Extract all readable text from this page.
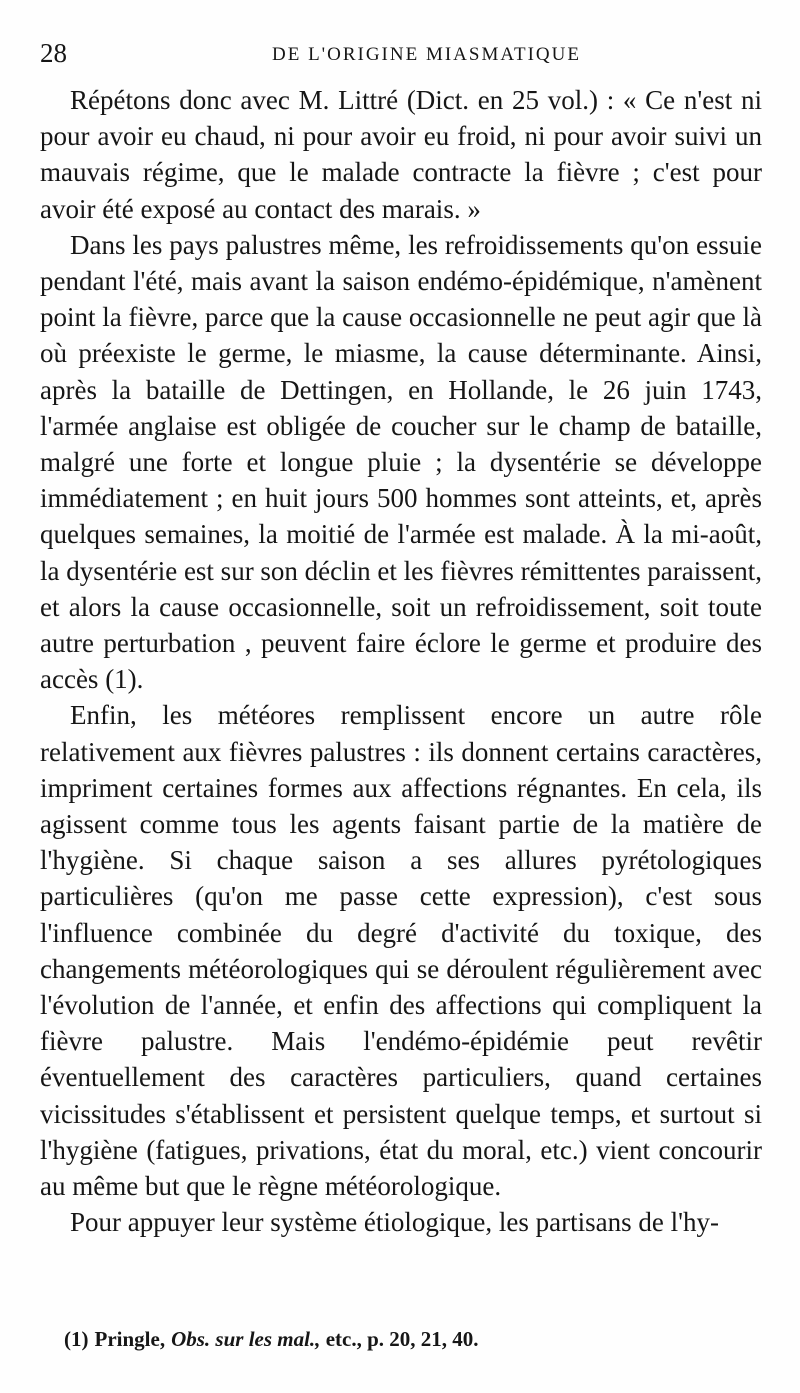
28	DE L'ORIGINE MIASMATIQUE

Répétons donc avec M. Littré (Dict. en 25 vol.) : « Ce n'est ni pour avoir eu chaud, ni pour avoir eu froid, ni pour avoir suivi un mauvais régime, que le malade contracte la fièvre ; c'est pour avoir été exposé au contact des marais. »

Dans les pays palustres même, les refroidissements qu'on essuie pendant l'été, mais avant la saison endémo-épidémique, n'amènent point la fièvre, parce que la cause occasionnelle ne peut agir que là où préexiste le germe, le miasme, la cause déterminante. Ainsi, après la bataille de Dettingen, en Hollande, le 26 juin 1743, l'armée anglaise est obligée de coucher sur le champ de bataille, malgré une forte et longue pluie ; la dysentérie se développe immédiatement ; en huit jours 500 hommes sont atteints, et, après quelques semaines, la moitié de l'armée est malade. À la mi-août, la dysentérie est sur son déclin et les fièvres rémittentes paraissent, et alors la cause occasionnelle, soit un refroidissement, soit toute autre perturbation , peuvent faire éclore le germe et produire des accès (1).

Enfin, les météores remplissent encore un autre rôle relativement aux fièvres palustres : ils donnent certains caractères, impriment certaines formes aux affections régnantes. En cela, ils agissent comme tous les agents faisant partie de la matière de l'hygiène. Si chaque saison a ses allures pyrétologiques particulières (qu'on me passe cette expression), c'est sous l'influence combinée du degré d'activité du toxique, des changements météorologiques qui se déroulent régulièrement avec l'évolution de l'année, et enfin des affections qui compliquent la fièvre palustre. Mais l'endémo-épidémie peut revêtir éventuellement des caractères particuliers, quand certaines vicissitudes s'établissent et persistent quelque temps, et surtout si l'hygiène (fatigues, privations, état du moral, etc.) vient concourir au même but que le règne météorologique.

Pour appuyer leur système étiologique, les partisans de l'hy-

(1) Pringle, Obs. sur les mal., etc., p. 20, 21, 40.
